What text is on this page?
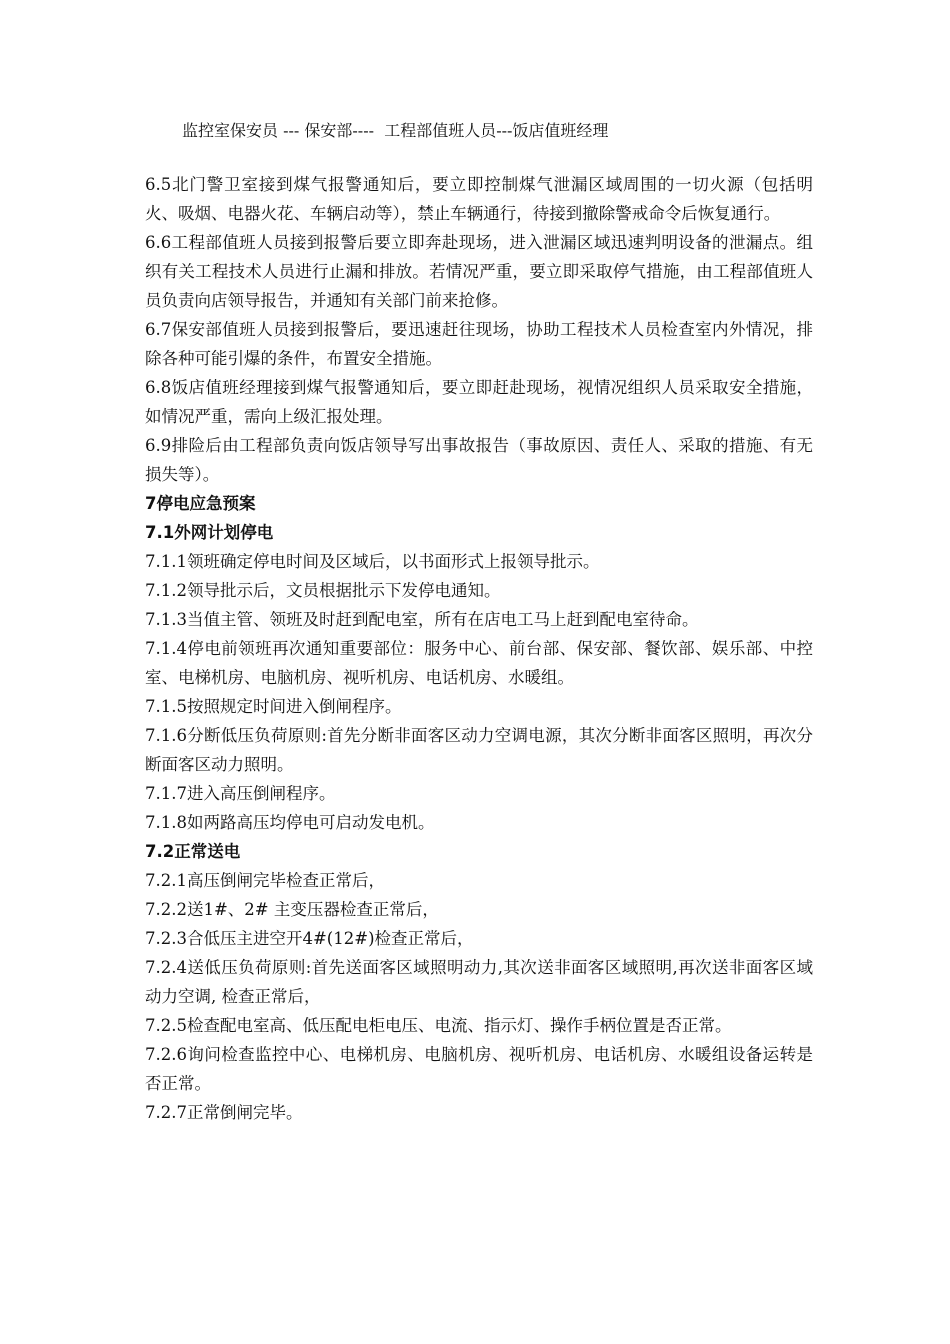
监控室保安员 --- 保安部----  工程部值班人员---饭店值班经理

6.5北门警卫室接到煤气报警通知后，要立即控制煤气泄漏区域周围的一切火源（包括明火、吸烟、电器火花、车辆启动等），禁止车辆通行，待接到撤除警戒命令后恢复通行。

6.6工程部值班人员接到报警后要立即奔赴现场，进入泄漏区域迅速判明设备的泄漏点。组织有关工程技术人员进行止漏和排放。若情况严重，要立即采取停气措施，由工程部值班人员负责向店领导报告，并通知有关部门前来抢修。

6.7保安部值班人员接到报警后，要迅速赶往现场，协助工程技术人员检查室内外情况，排除各种可能引爆的条件，布置安全措施。

6.8饭店值班经理接到煤气报警通知后，要立即赶赴现场，视情况组织人员采取安全措施，如情况严重，需向上级汇报处理。

6.9排险后由工程部负责向饭店领导写出事故报告（事故原因、责任人、采取的措施、有无损失等）。

7停电应急预案

7.1外网计划停电

7.1.1领班确定停电时间及区域后，以书面形式上报领导批示。

7.1.2领导批示后，文员根据批示下发停电通知。

7.1.3当值主管、领班及时赶到配电室，所有在店电工马上赶到配电室待命。

7.1.4停电前领班再次通知重要部位：服务中心、前台部、保安部、餐饮部、娱乐部、中控室、电梯机房、电脑机房、视听机房、电话机房、水暖组。

7.1.5按照规定时间进入倒闸程序。

7.1.6分断低压负荷原则:首先分断非面客区动力空调电源，其次分断非面客区照明，再次分断面客区动力照明。

7.1.7进入高压倒闸程序。

7.1.8如两路高压均停电可启动发电机。

7.2正常送电

7.2.1高压倒闸完毕检查正常后，

7.2.2送1#、2# 主变压器检查正常后，

7.2.3合低压主进空开4#(12#)检查正常后，

7.2.4送低压负荷原则:首先送面客区域照明动力,其次送非面客区域照明,再次送非面客区域动力空调, 检查正常后，

7.2.5检查配电室高、低压配电柜电压、电流、指示灯、操作手柄位置是否正常。

7.2.6询问检查监控中心、电梯机房、电脑机房、视听机房、电话机房、水暖组设备运转是否正常。

7.2.7正常倒闸完毕。
